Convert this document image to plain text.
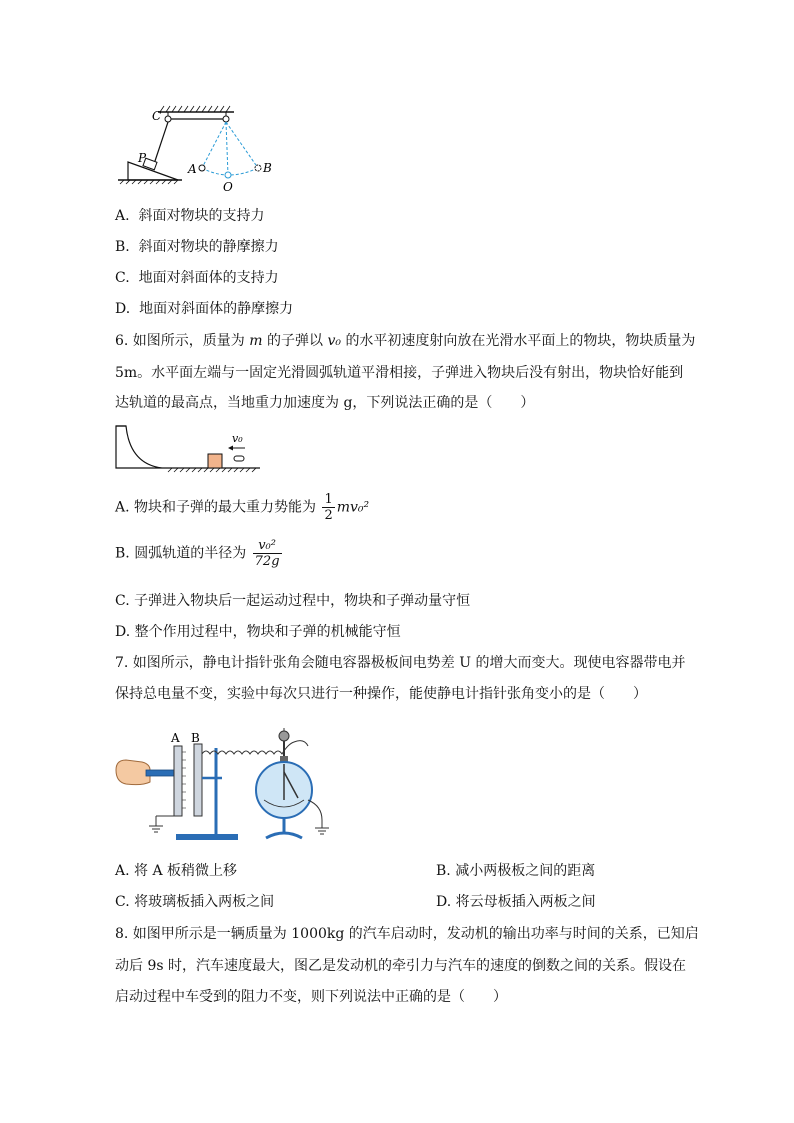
C
P
A
O
B
A. 斜面对物块的支持力
B. 斜面对物块的静摩擦力
C. 地面对斜面体的支持力
D. 地面对斜面体的静摩擦力
6. 如图所示，质量为 m 的子弹以 v₀ 的水平初速度射向放在光滑水平面上的物块，物块质量为
5m。水平面左端与一固定光滑圆弧轨道平滑相接，子弹进入物块后没有射出，物块恰好能到
达轨道的最高点，当地重力加速度为 g，下列说法正确的是（　　）
v₀
A. 物块和子弹的最大重力势能为 $\frac{1}{2} mv_0^2$
B. 圆弧轨道的半径为 $\frac{\text{v₀²}}{72g}$
C. 子弹进入物块后一起运动过程中，物块和子弹动量守恒
D. 整个作用过程中，物块和子弹的机械能守恒
7. 如图所示，静电计指针张角会随电容器极板间电势差 U 的增大而变大。现使电容器带电并
保持总电量不变，实验中每次只进行一种操作，能使静电计指针张角变小的是（　　）
A B
A. 将 A 板稍微上移	B. 减小两极板之间的距离
C. 将玻璃板插入两板之间	D. 将云母板插入两板之间
8. 如图甲所示是一辆质量为 1000kg 的汽车启动时，发动机的输出功率与时间的关系，已知启
动后 9s 时，汽车速度最大，图乙是发动机的牵引力与汽车的速度的倒数之间的关系。假设在
启动过程中车受到的阻力不变，则下列说法中正确的是（　　）
